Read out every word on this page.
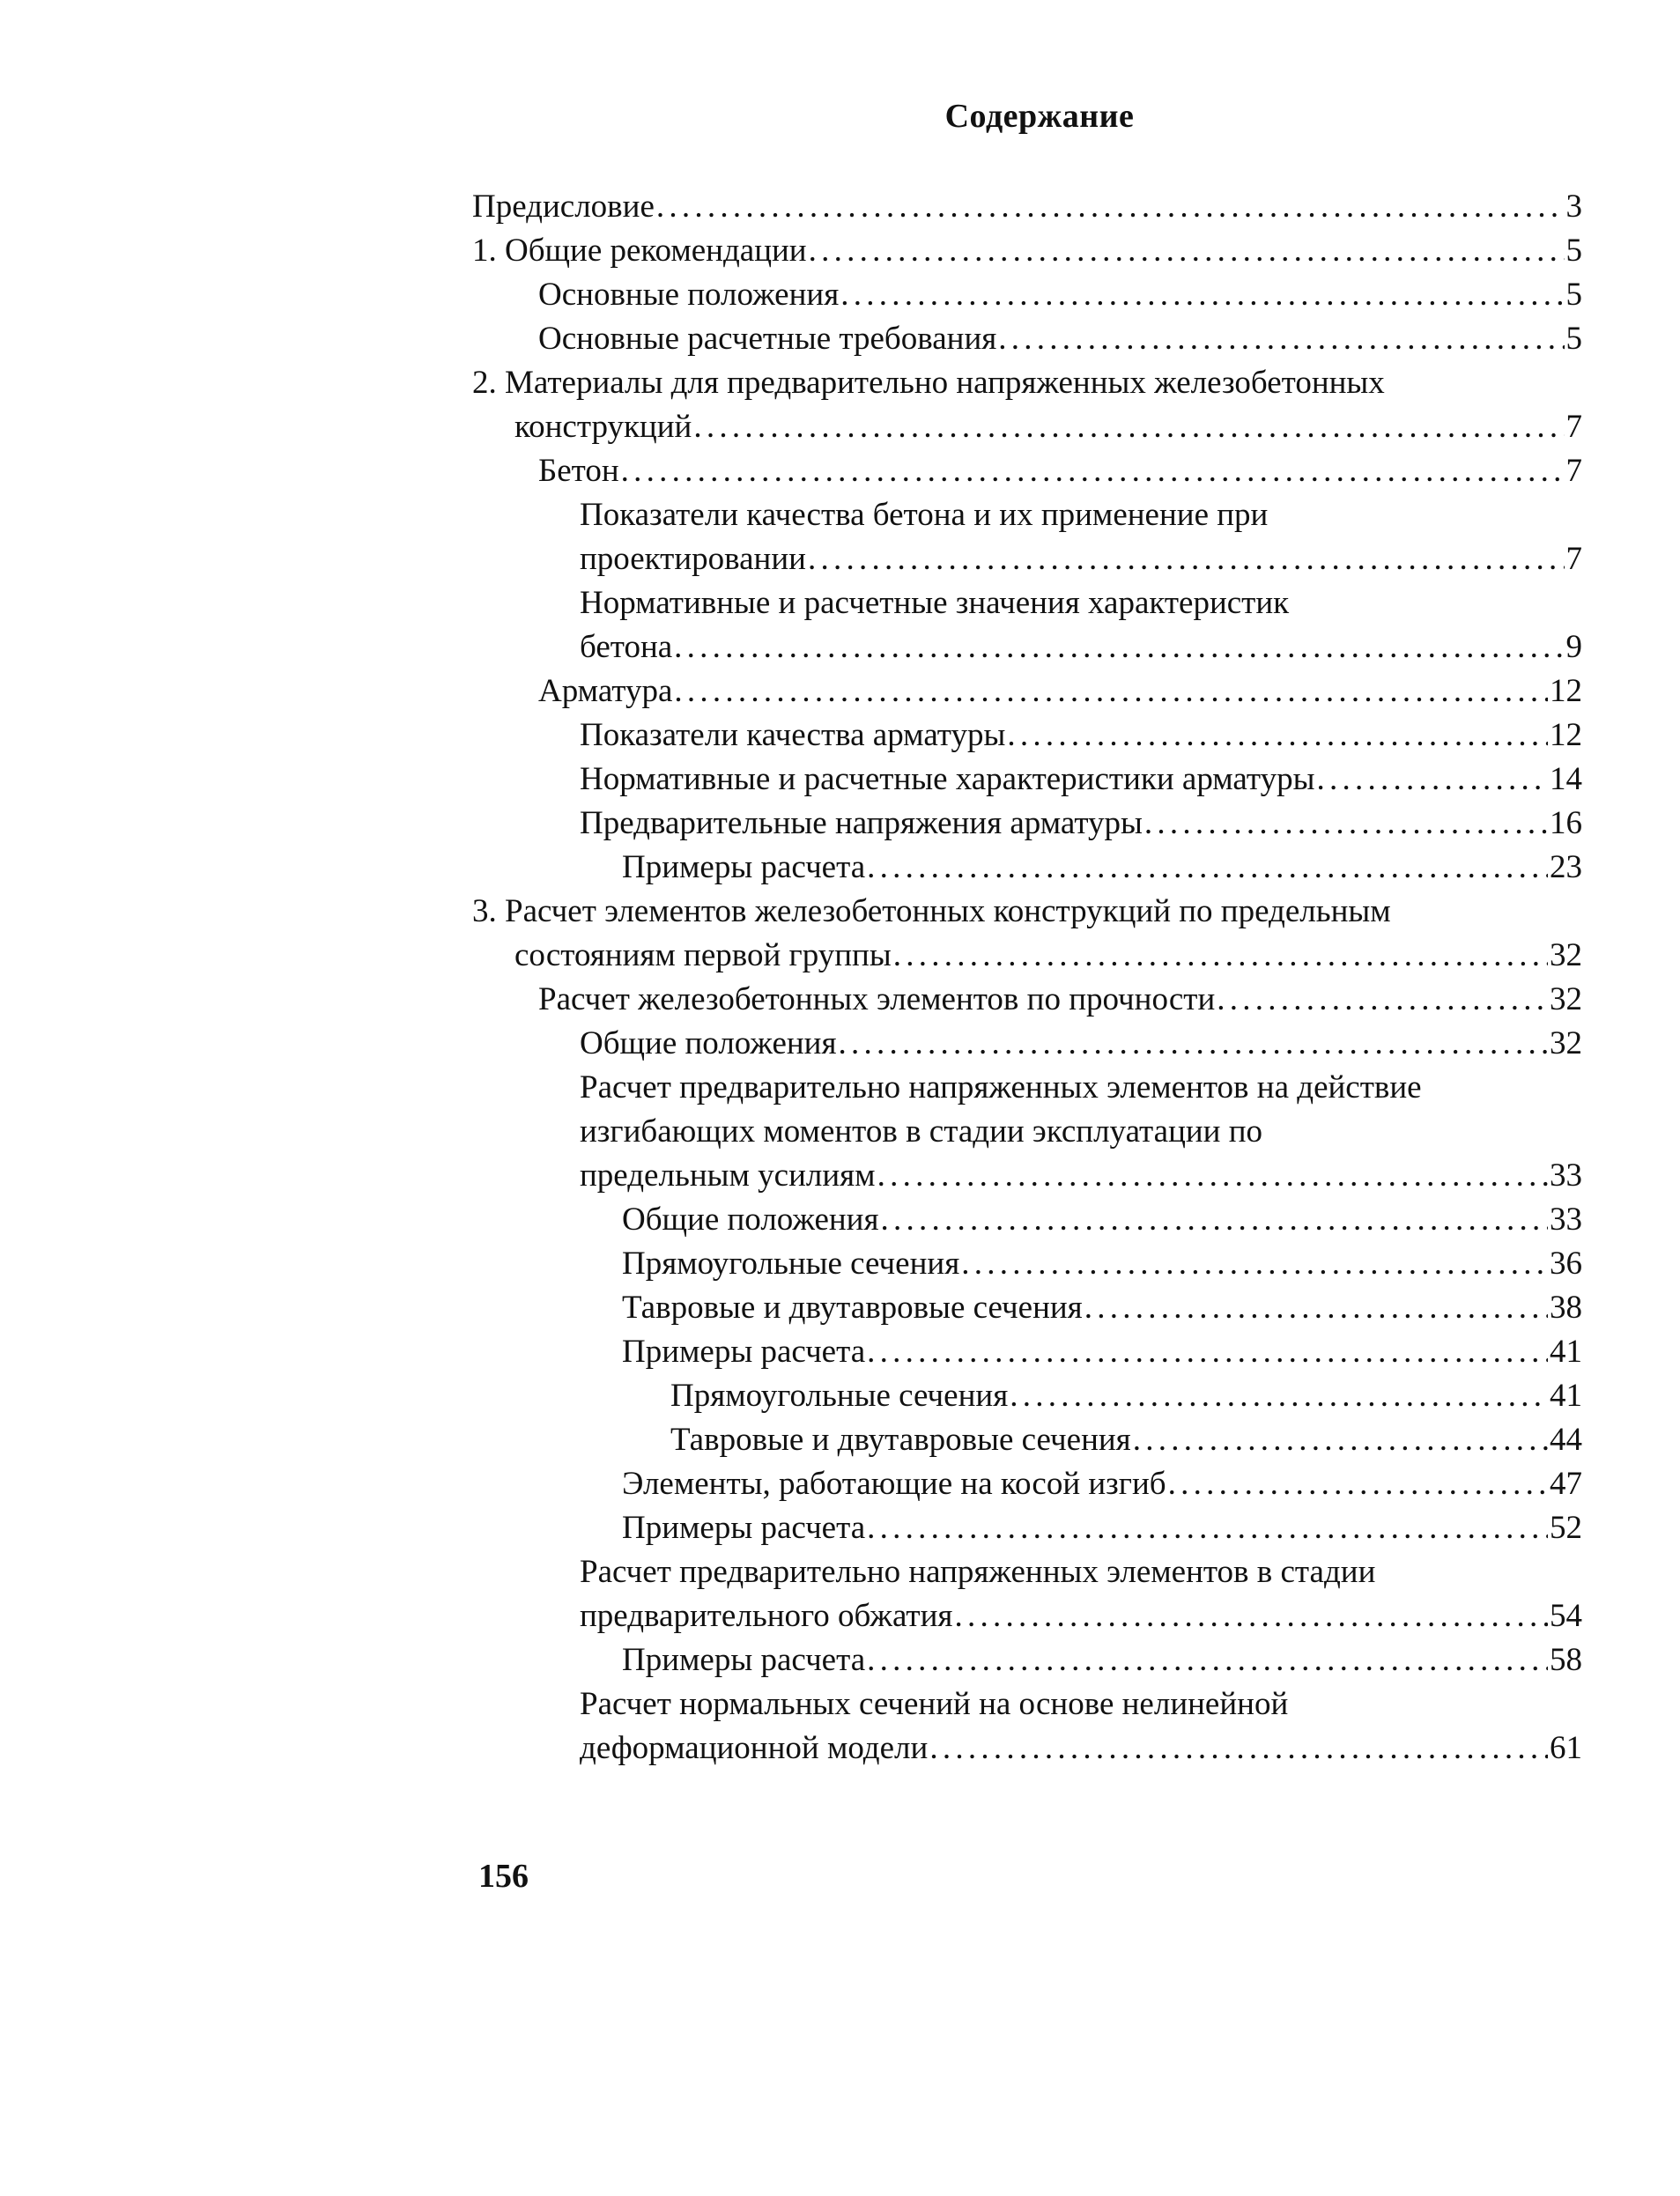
Содержание
Предисловие . . .	3
1. Общие рекомендации . . .	5
Основные положения . . .	5
Основные расчетные требования . . .	5
2. Материалы для предварительно напряженных железобетонных
конструкций . . .	7
Бетон . . .	7
Показатели качества бетона и их применение при
проектировании . . .	7
Нормативные и расчетные значения характеристик
бетона . . .	9
Арматура . . .	12
Показатели качества арматуры . . .	12
Нормативные и расчетные характеристики арматуры . . .	14
Предварительные напряжения арматуры . . .	16
Примеры расчета . . .	23
3. Расчет элементов железобетонных конструкций по предельным
состояниям первой группы . . .	32
Расчет железобетонных элементов по прочности . . .	32
Общие положения . . .	32
Расчет предварительно напряженных элементов на действие
изгибающих моментов в стадии эксплуатации по
предельным усилиям . . .	33
Общие положения . . .	33
Прямоугольные сечения . . .	36
Тавровые и двутавровые сечения . . .	38
Примеры расчета . . .	41
Прямоугольные сечения . . .	41
Тавровые и двутавровые сечения . . .	44
Элементы, работающие на косой изгиб . . .	47
Примеры расчета . . .	52
Расчет предварительно напряженных элементов в стадии
предварительного обжатия . . .	54
Примеры расчета . . .	58
Расчет нормальных сечений на основе нелинейной
деформационной модели . . .	61
156
